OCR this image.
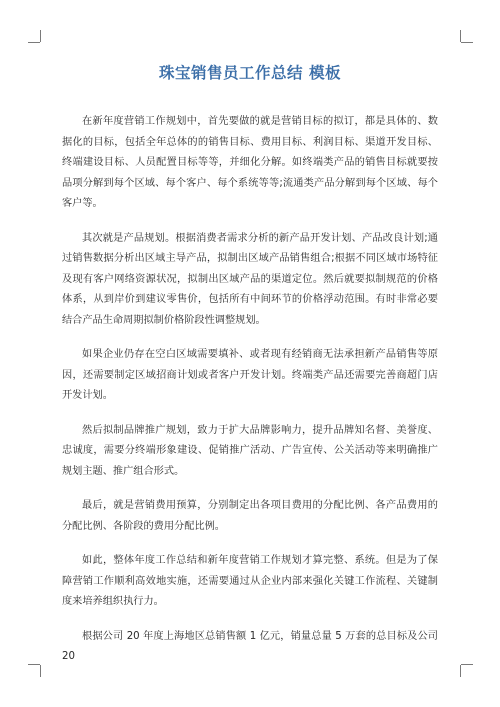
珠宝销售员工作总结 模板

在新年度营销工作规划中，首先要做的就是营销目标的拟订，都是具体的、数据化的目标，包括全年总体的的销售目标、费用目标、利润目标、渠道开发目标、终端建设目标、人员配置目标等等，并细化分解。如终端类产品的销售目标就要按品项分解到每个区域、每个客户、每个系统等等;流通类产品分解到每个区域、每个客户等。

其次就是产品规划。根据消费者需求分析的新产品开发计划、产品改良计划;通过销售数据分析出区域主导产品，拟制出区域产品销售组合;根据不同区域市场特征及现有客户网络资源状况，拟制出区域产品的渠道定位。然后就要拟制规范的价格体系，从到岸价到建议零售价，包括所有中间环节的价格浮动范围。有时非常必要结合产品生命周期拟制价格阶段性调整规划。

如果企业仍存在空白区域需要填补、或者现有经销商无法承担新产品销售等原因，还需要制定区域招商计划或者客户开发计划。终端类产品还需要完善商超门店开发计划。

然后拟制品牌推广规划，致力于扩大品牌影响力，提升品牌知名督、美誉度、忠诚度，需要分终端形象建设、促销推广活动、广告宣传、公关活动等来明确推广规划主题、推广组合形式。

最后，就是营销费用预算，分别制定出各项目费用的分配比例、各产品费用的分配比例、各阶段的费用分配比例。

如此，整体年度工作总结和新年度营销工作规划才算完整、系统。但是为了保障营销工作顺利高效地实施，还需要通过从企业内部来强化关键工作流程、关键制度来培养组织执行力。

根据公司 20 年度上海地区总销售额 1 亿元，销量总量 5 万套的总目标及公司 20
